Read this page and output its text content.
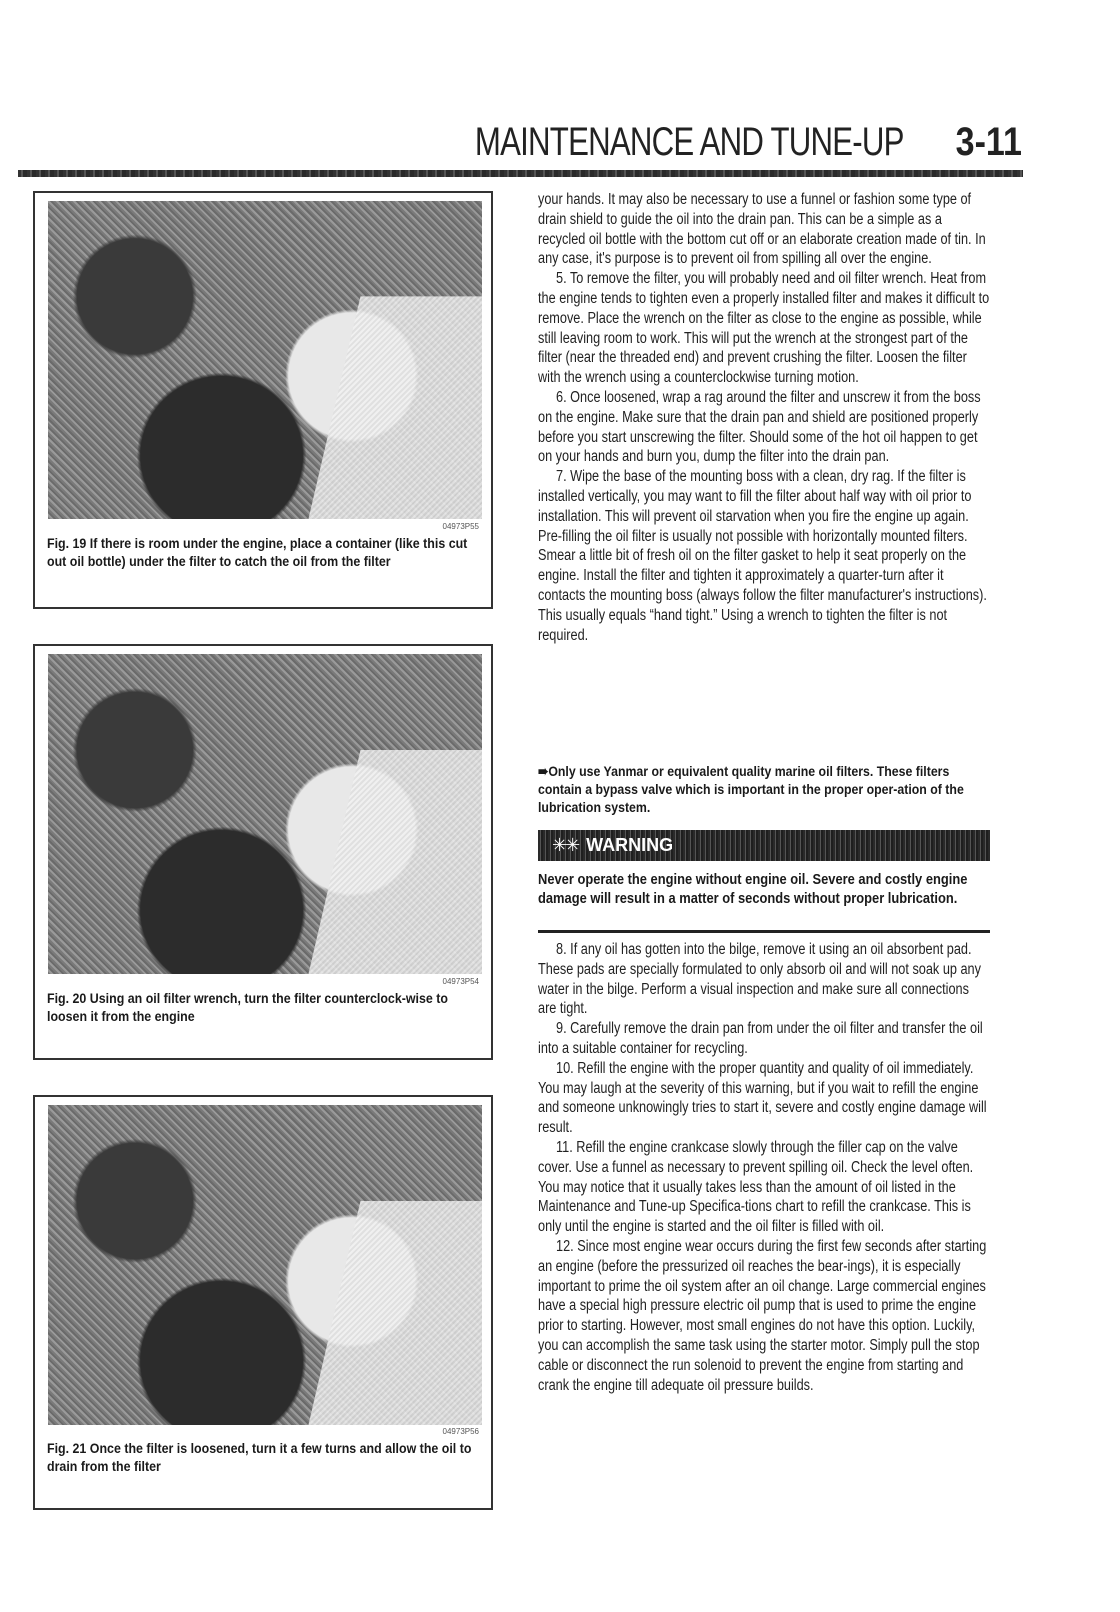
MAINTENANCE AND TUNE-UP 3-11
04973P55
Fig. 19 If there is room under the engine, place a container (like this cut out oil bottle) under the filter to catch the oil from the filter
04973P54
Fig. 20 Using an oil filter wrench, turn the filter counterclock-wise to loosen it from the engine
04973P56
Fig. 21 Once the filter is loosened, turn it a few turns and allow the oil to drain from the filter

your hands. It may also be necessary to use a funnel or fashion some type of drain shield to guide the oil into the drain pan. This can be a simple as a recycled oil bottle with the bottom cut off or an elaborate creation made of tin. In any case, it's purpose is to prevent oil from spilling all over the engine.

5. To remove the filter, you will probably need and oil filter wrench. Heat from the engine tends to tighten even a properly installed filter and makes it difficult to remove. Place the wrench on the filter as close to the engine as possible, while still leaving room to work. This will put the wrench at the strongest part of the filter (near the threaded end) and prevent crushing the filter. Loosen the filter with the wrench using a counterclockwise turning motion.

6. Once loosened, wrap a rag around the filter and unscrew it from the boss on the engine. Make sure that the drain pan and shield are positioned properly before you start unscrewing the filter. Should some of the hot oil happen to get on your hands and burn you, dump the filter into the drain pan.

7. Wipe the base of the mounting boss with a clean, dry rag. If the filter is installed vertically, you may want to fill the filter about half way with oil prior to installation. This will prevent oil starvation when you fire the engine up again. Pre-filling the oil filter is usually not possible with horizontally mounted filters. Smear a little bit of fresh oil on the filter gasket to help it seat properly on the engine. Install the filter and tighten it approximately a quarter-turn after it contacts the mounting boss (always follow the filter manufacturer's instructions). This usually equals “hand tight.” Using a wrench to tighten the filter is not required.

➠Only use Yanmar or equivalent quality marine oil filters. These filters contain a bypass valve which is important in the proper oper-ation of the lubrication system.

✳✳ WARNING

Never operate the engine without engine oil. Severe and costly engine damage will result in a matter of seconds without proper lubrication.

8. If any oil has gotten into the bilge, remove it using an oil absorbent pad. These pads are specially formulated to only absorb oil and will not soak up any water in the bilge. Perform a visual inspection and make sure all connections are tight.

9. Carefully remove the drain pan from under the oil filter and transfer the oil into a suitable container for recycling.

10. Refill the engine with the proper quantity and quality of oil immediately. You may laugh at the severity of this warning, but if you wait to refill the engine and someone unknowingly tries to start it, severe and costly engine damage will result.

11. Refill the engine crankcase slowly through the filler cap on the valve cover. Use a funnel as necessary to prevent spilling oil. Check the level often. You may notice that it usually takes less than the amount of oil listed in the Maintenance and Tune-up Specifica-tions chart to refill the crankcase. This is only until the engine is started and the oil filter is filled with oil.

12. Since most engine wear occurs during the first few seconds after starting an engine (before the pressurized oil reaches the bear-ings), it is especially important to prime the oil system after an oil change. Large commercial engines have a special high pressure electric oil pump that is used to prime the engine prior to starting. However, most small engines do not have this option. Luckily, you can accomplish the same task using the starter motor. Simply pull the stop cable or disconnect the run solenoid to prevent the engine from starting and crank the engine till adequate oil pressure builds.
